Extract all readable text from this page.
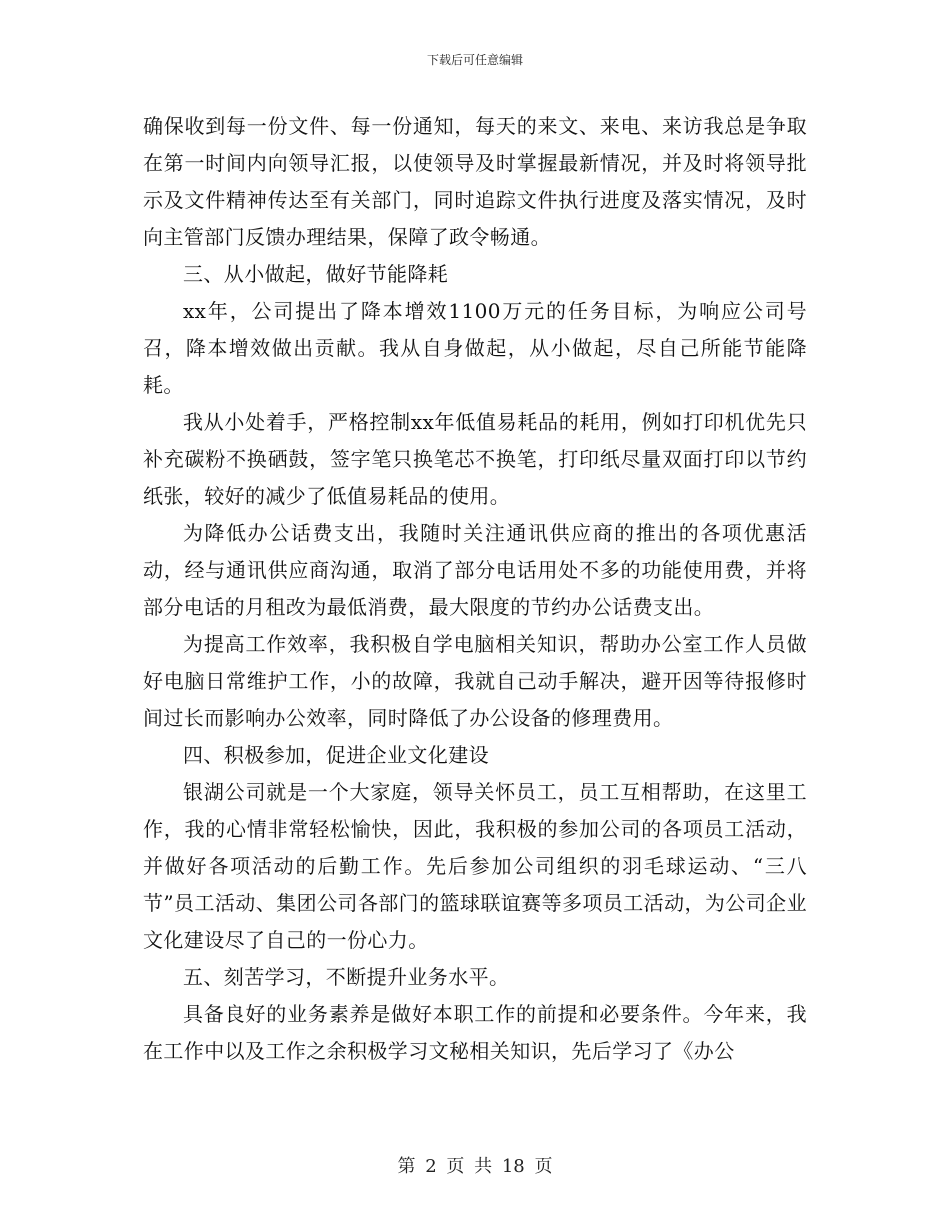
下载后可任意编辑

确保收到每一份文件、每一份通知，每天的来文、来电、来访我总是争取在第一时间内向领导汇报，以使领导及时掌握最新情况，并及时将领导批示及文件精神传达至有关部门，同时追踪文件执行进度及落实情况，及时向主管部门反馈办理结果，保障了政令畅通。

三、从小做起，做好节能降耗

xx年，公司提出了降本增效1100万元的任务目标，为响应公司号召，降本增效做出贡献。我从自身做起，从小做起，尽自己所能节能降耗。

我从小处着手，严格控制xx年低值易耗品的耗用，例如打印机优先只补充碳粉不换硒鼓，签字笔只换笔芯不换笔，打印纸尽量双面打印以节约纸张，较好的减少了低值易耗品的使用。

为降低办公话费支出，我随时关注通讯供应商的推出的各项优惠活动，经与通讯供应商沟通，取消了部分电话用处不多的功能使用费，并将部分电话的月租改为最低消费，最大限度的节约办公话费支出。

为提高工作效率，我积极自学电脑相关知识，帮助办公室工作人员做好电脑日常维护工作，小的故障，我就自己动手解决，避开因等待报修时间过长而影响办公效率，同时降低了办公设备的修理费用。

四、积极参加，促进企业文化建设

银湖公司就是一个大家庭，领导关怀员工，员工互相帮助，在这里工作，我的心情非常轻松愉快，因此，我积极的参加公司的各项员工活动，并做好各项活动的后勤工作。先后参加公司组织的羽毛球运动、“三八节”员工活动、集团公司各部门的篮球联谊赛等多项员工活动，为公司企业文化建设尽了自己的一份心力。

五、刻苦学习，不断提升业务水平。

具备良好的业务素养是做好本职工作的前提和必要条件。今年来，我在工作中以及工作之余积极学习文秘相关知识，先后学习了《办公

第 2 页 共 18 页
